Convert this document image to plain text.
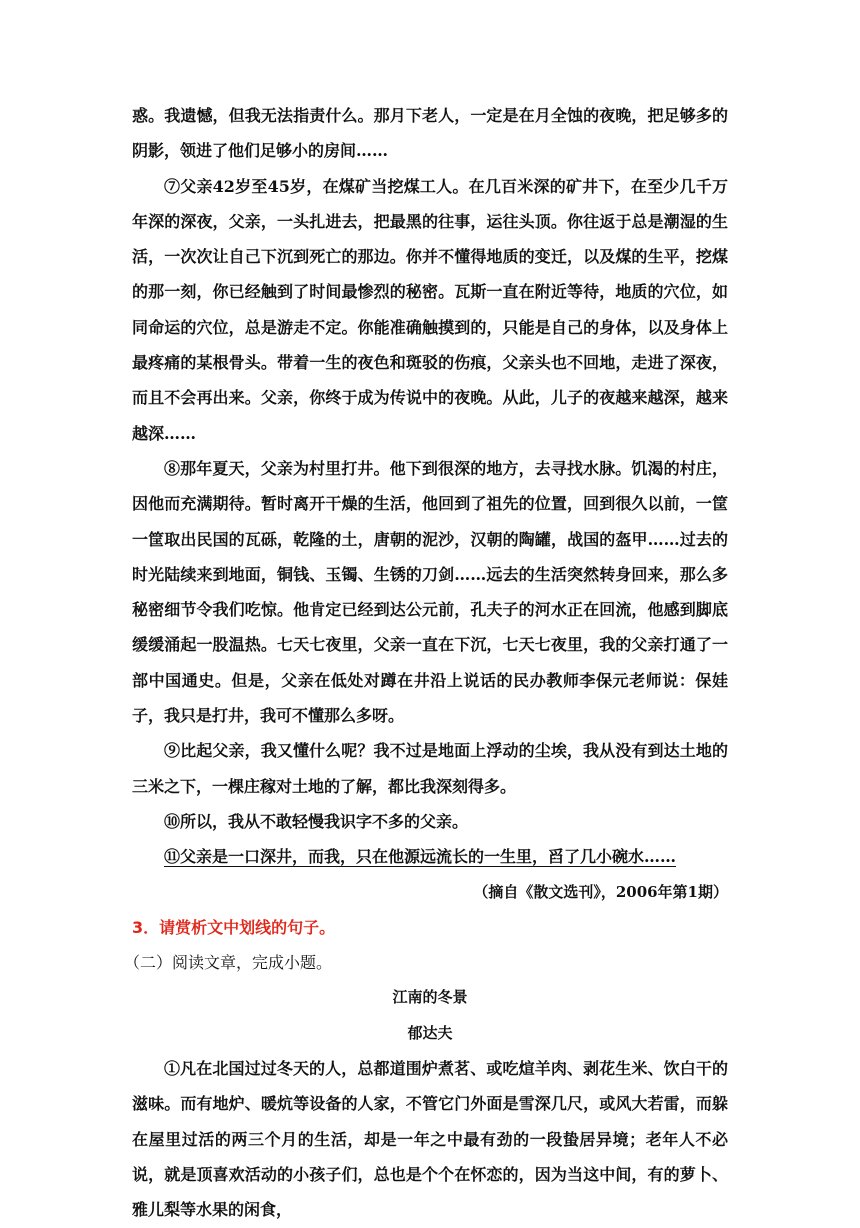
惑。我遗憾，但我无法指责什么。那月下老人，一定是在月全蚀的夜晚，把足够多的阴影，领进了他们足够小的房间……

⑦父亲42岁至45岁，在煤矿当挖煤工人。在几百米深的矿井下，在至少几千万年深的深夜，父亲，一头扎进去，把最黑的往事，运往头顶。你往返于总是潮湿的生活，一次次让自己下沉到死亡的那边。你并不懂得地质的变迁，以及煤的生平，挖煤的那一刻，你已经触到了时间最惨烈的秘密。瓦斯一直在附近等待，地质的穴位，如同命运的穴位，总是游走不定。你能准确触摸到的，只能是自己的身体，以及身体上最疼痛的某根骨头。带着一生的夜色和斑驳的伤痕，父亲头也不回地，走进了深夜，而且不会再出来。父亲，你终于成为传说中的夜晚。从此，儿子的夜越来越深，越来越深……

⑧那年夏天，父亲为村里打井。他下到很深的地方，去寻找水脉。饥渴的村庄，因他而充满期待。暂时离开干燥的生活，他回到了祖先的位置，回到很久以前，一筐一筐取出民国的瓦砾，乾隆的土，唐朝的泥沙，汉朝的陶罐，战国的盔甲……过去的时光陆续来到地面，铜钱、玉镯、生锈的刀剑……远去的生活突然转身回来，那么多秘密细节令我们吃惊。他肯定已经到达公元前，孔夫子的河水正在回流，他感到脚底缓缓涌起一股温热。七天七夜里，父亲一直在下沉，七天七夜里，我的父亲打通了一部中国通史。但是，父亲在低处对蹲在井沿上说话的民办教师李保元老师说：保娃子，我只是打井，我可不懂那么多呀。

⑨比起父亲，我又懂什么呢？我不过是地面上浮动的尘埃，我从没有到达土地的三米之下，一棵庄稼对土地的了解，都比我深刻得多。

⑩所以，我从不敢轻慢我识字不多的父亲。

⑪父亲是一口深井，而我，只在他源远流长的一生里，舀了几小碗水……

（摘自《散文选刊》，2006年第1期）

3．请赏析文中划线的句子。

（二）阅读文章，完成小题。

江南的冬景

郁达夫

①凡在北国过过冬天的人，总都道围炉煮茗、或吃煊羊肉、剥花生米、饮白干的滋味。而有地炉、暖炕等设备的人家，不管它门外面是雪深几尺，或风大若雷，而躲在屋里过活的两三个月的生活，却是一年之中最有劲的一段蛰居异境；老年人不必说，就是顶喜欢活动的小孩子们，总也是个个在怀恋的，因为当这中间，有的萝卜、雅儿梨等水果的闲食，
